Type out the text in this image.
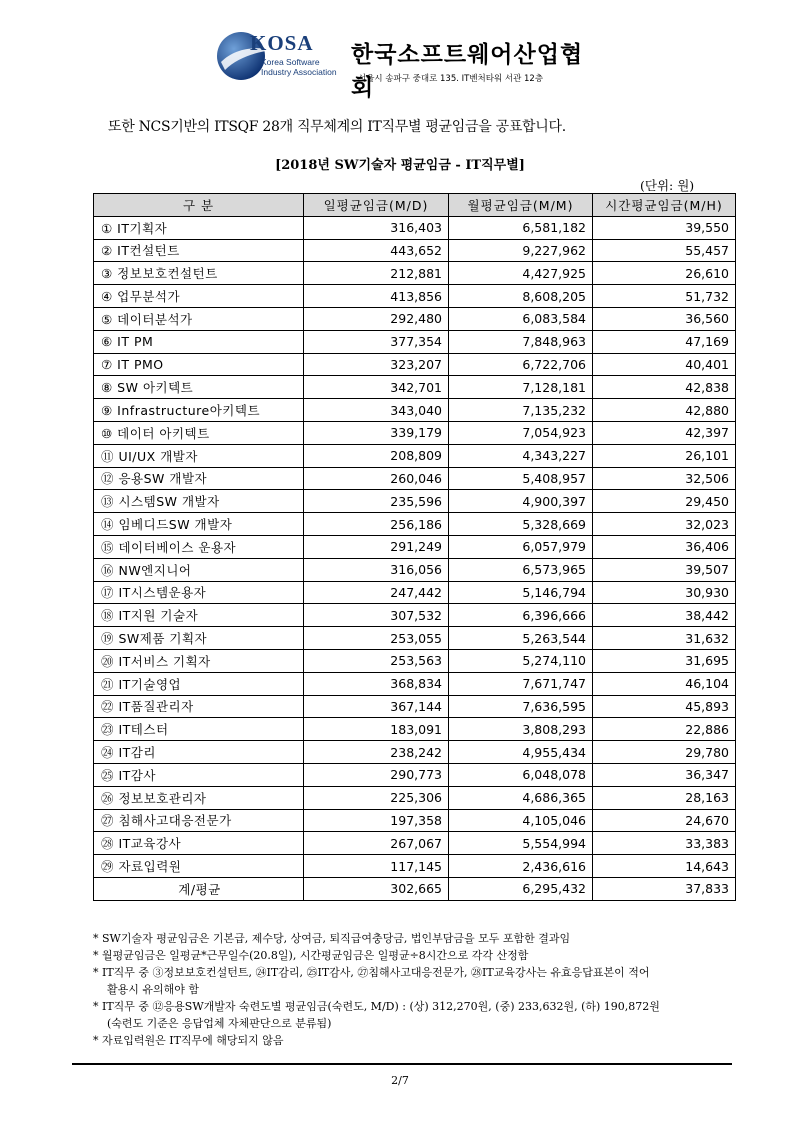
KOSA
Korea Software
Industry Association
한국소프트웨어산업협회
서울시 송파구 중대로 135. IT벤처타워 서관 12층
또한 NCS기반의 ITSQF 28개 직무체계의 IT직무별 평균임금을 공표합니다.
[2018년 SW기술자 평균임금 - IT직무별]
(단위: 원)
구 분	일평균임금(M/D)	월평균임금(M/M)	시간평균임금(M/H)
① IT기획자	316,403	6,581,182	39,550
② IT컨설턴트	443,652	9,227,962	55,457
③ 정보보호컨설턴트	212,881	4,427,925	26,610
④ 업무분석가	413,856	8,608,205	51,732
⑤ 데이터분석가	292,480	6,083,584	36,560
⑥ IT PM	377,354	7,848,963	47,169
⑦ IT PMO	323,207	6,722,706	40,401
⑧ SW 아키텍트	342,701	7,128,181	42,838
⑨ Infrastructure아키텍트	343,040	7,135,232	42,880
⑩ 데이터 아키텍트	339,179	7,054,923	42,397
⑪ UI/UX 개발자	208,809	4,343,227	26,101
⑫ 응용SW 개발자	260,046	5,408,957	32,506
⑬ 시스템SW 개발자	235,596	4,900,397	29,450
⑭ 임베디드SW 개발자	256,186	5,328,669	32,023
⑮ 데이터베이스 운용자	291,249	6,057,979	36,406
⑯ NW엔지니어	316,056	6,573,965	39,507
⑰ IT시스템운용자	247,442	5,146,794	30,930
⑱ IT지원 기술자	307,532	6,396,666	38,442
⑲ SW제품 기획자	253,055	5,263,544	31,632
⑳ IT서비스 기획자	253,563	5,274,110	31,695
㉑ IT기술영업	368,834	7,671,747	46,104
㉒ IT품질관리자	367,144	7,636,595	45,893
㉓ IT테스터	183,091	3,808,293	22,886
㉔ IT감리	238,242	4,955,434	29,780
㉕ IT감사	290,773	6,048,078	36,347
㉖ 정보보호관리자	225,306	4,686,365	28,163
㉗ 침해사고대응전문가	197,358	4,105,046	24,670
㉘ IT교육강사	267,067	5,554,994	33,383
㉙ 자료입력원	117,145	2,436,616	14,643
계/평균	302,665	6,295,432	37,833
* SW기술자 평균임금은 기본급, 제수당, 상여금, 퇴직급여충당금, 법인부담금을 모두 포함한 결과임
* 월평균임금은 일평균*근무일수(20.8일), 시간평균임금은 일평균÷8시간으로 각각 산정함
* IT직무 중 ③정보보호컨설턴트, ㉔IT감리, ㉕IT감사, ㉗침해사고대응전문가, ㉘IT교육강사는 유효응답표본이 적어
활용시 유의해야 함
* IT직무 중 ⑫응용SW개발자 숙련도별 평균임금(숙련도, M/D) : (상) 312,270원, (중) 233,632원, (하) 190,872원
(숙련도 기준은 응답업체 자체판단으로 분류됨)
* 자료입력원은 IT직무에 해당되지 않음
2/7
